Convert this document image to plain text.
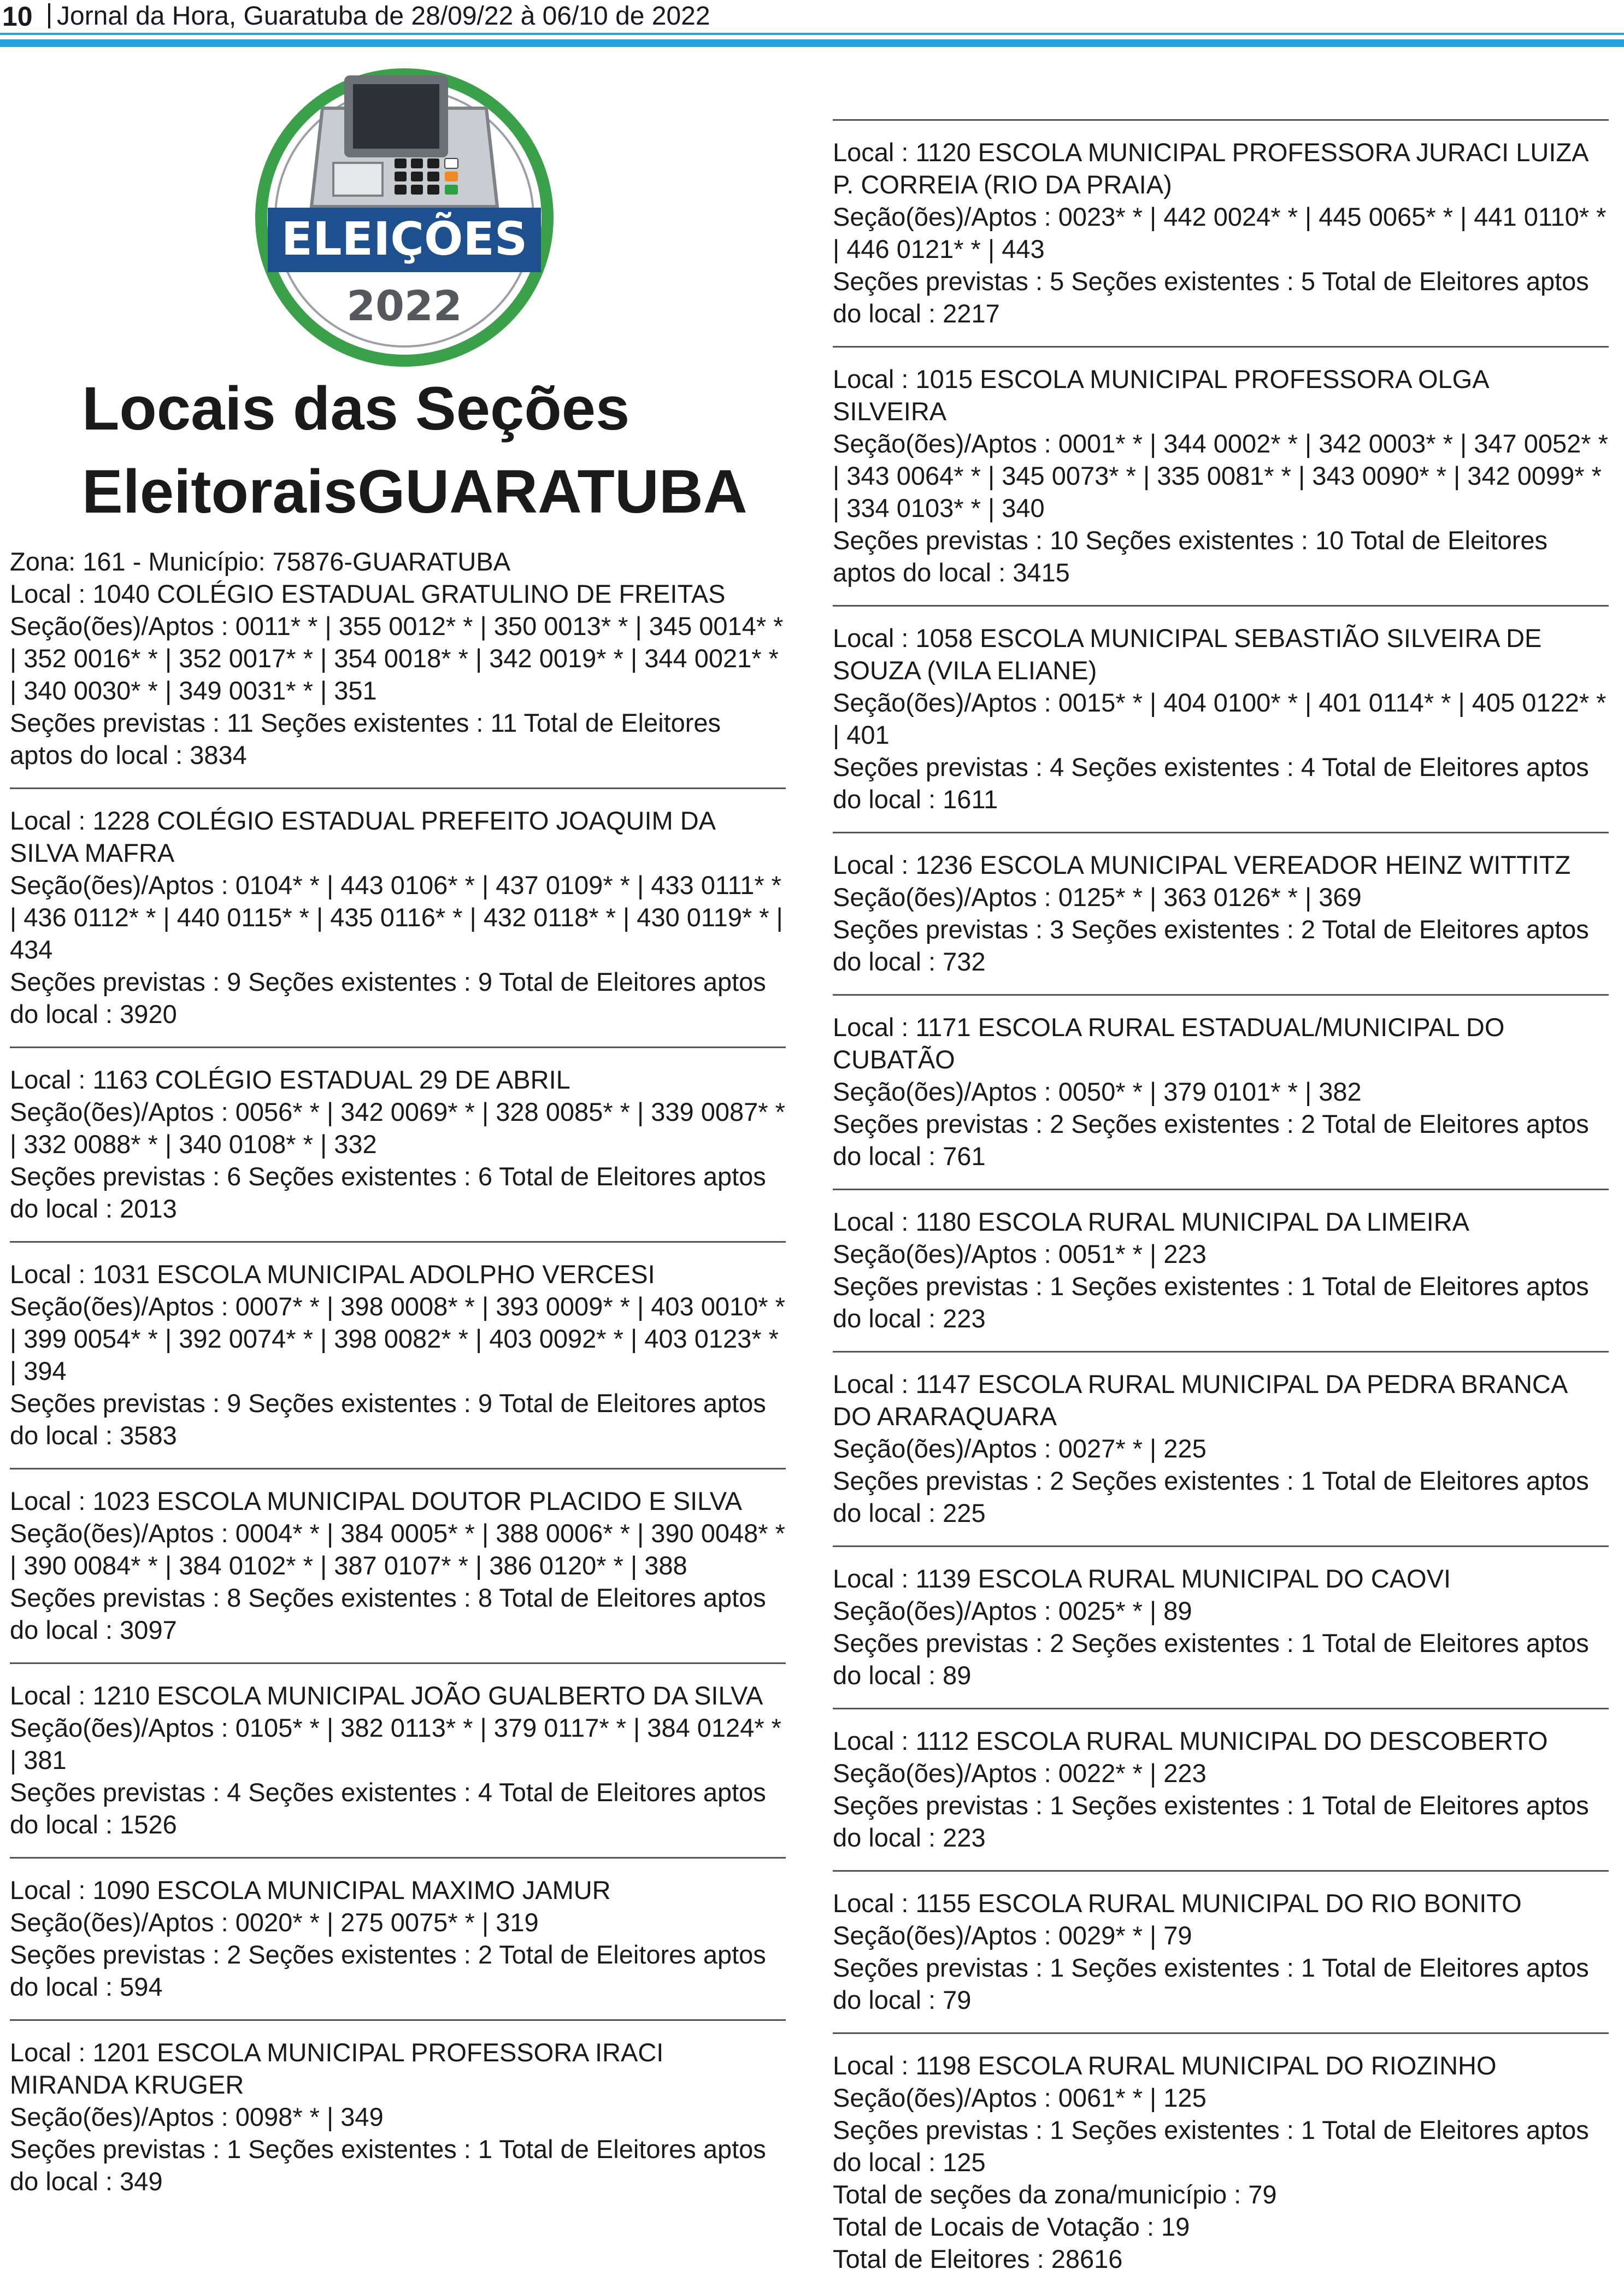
10 Jornal da Hora, Guaratuba de 28/09/22 à 06/10 de 2022
ELEIÇÕES
2022
Locais das Seções
EleitoraisGUARATUBA
Zona: 161 - Município: 75876-GUARATUBA

Local : 1040 COLÉGIO ESTADUAL GRATULINO DE FREITAS

Seção(ões)/Aptos : 0011* * | 355 0012* * | 350 0013* * | 345 0014* * | 352 0016* * | 352 0017* * | 354 0018* * | 342 0019* * | 344 0021* * | 340 0030* * | 349 0031* * | 351

Seções previstas : 11 Seções existentes : 11 Total de Eleitores aptos do local : 3834

Local : 1228 COLÉGIO ESTADUAL PREFEITO JOAQUIM DA SILVA MAFRA

Seção(ões)/Aptos : 0104* * | 443 0106* * | 437 0109* * | 433 0111* * | 436 0112* * | 440 0115* * | 435 0116* * | 432 0118* * | 430 0119* * | 434

Seções previstas : 9 Seções existentes : 9 Total de Eleitores aptos do local : 3920

Local : 1163 COLÉGIO ESTADUAL 29 DE ABRIL

Seção(ões)/Aptos : 0056* * | 342 0069* * | 328 0085* * | 339 0087* * | 332 0088* * | 340 0108* * | 332

Seções previstas : 6 Seções existentes : 6 Total de Eleitores aptos do local : 2013

Local : 1031 ESCOLA MUNICIPAL ADOLPHO VERCESI

Seção(ões)/Aptos : 0007* * | 398 0008* * | 393 0009* * | 403 0010* * | 399 0054* * | 392 0074* * | 398 0082* * | 403 0092* * | 403 0123* * | 394

Seções previstas : 9 Seções existentes : 9 Total de Eleitores aptos do local : 3583

Local : 1023 ESCOLA MUNICIPAL DOUTOR PLACIDO E SILVA

Seção(ões)/Aptos : 0004* * | 384 0005* * | 388 0006* * | 390 0048* * | 390 0084* * | 384 0102* * | 387 0107* * | 386 0120* * | 388

Seções previstas : 8 Seções existentes : 8 Total de Eleitores aptos do local : 3097

Local : 1210 ESCOLA MUNICIPAL JOÃO GUALBERTO DA SILVA

Seção(ões)/Aptos : 0105* * | 382 0113* * | 379 0117* * | 384 0124* * | 381

Seções previstas : 4 Seções existentes : 4 Total de Eleitores aptos do local : 1526

Local : 1090 ESCOLA MUNICIPAL MAXIMO JAMUR

Seção(ões)/Aptos : 0020* * | 275 0075* * | 319

Seções previstas : 2 Seções existentes : 2 Total de Eleitores aptos do local : 594

Local : 1201 ESCOLA MUNICIPAL PROFESSORA IRACI MIRANDA KRUGER

Seção(ões)/Aptos : 0098* * | 349

Seções previstas : 1 Seções existentes : 1 Total de Eleitores aptos do local : 349

Local : 1120 ESCOLA MUNICIPAL PROFESSORA JURACI LUIZA P. CORREIA (RIO DA PRAIA)

Seção(ões)/Aptos : 0023* * | 442 0024* * | 445 0065* * | 441 0110* * | 446 0121* * | 443

Seções previstas : 5 Seções existentes : 5 Total de Eleitores aptos do local : 2217

Local : 1015 ESCOLA MUNICIPAL PROFESSORA OLGA SILVEIRA

Seção(ões)/Aptos : 0001* * | 344 0002* * | 342 0003* * | 347 0052* * | 343 0064* * | 345 0073* * | 335 0081* * | 343 0090* * | 342 0099* * | 334 0103* * | 340

Seções previstas : 10 Seções existentes : 10 Total de Eleitores aptos do local : 3415

Local : 1058 ESCOLA MUNICIPAL SEBASTIÃO SILVEIRA DE SOUZA (VILA ELIANE)

Seção(ões)/Aptos : 0015* * | 404 0100* * | 401 0114* * | 405 0122* * | 401

Seções previstas : 4 Seções existentes : 4 Total de Eleitores aptos do local : 1611

Local : 1236 ESCOLA MUNICIPAL VEREADOR HEINZ WITTITZ

Seção(ões)/Aptos : 0125* * | 363 0126* * | 369

Seções previstas : 3 Seções existentes : 2 Total de Eleitores aptos do local : 732

Local : 1171 ESCOLA RURAL ESTADUAL/MUNICIPAL DO CUBATÃO

Seção(ões)/Aptos : 0050* * | 379 0101* * | 382

Seções previstas : 2 Seções existentes : 2 Total de Eleitores aptos do local : 761

Local : 1180 ESCOLA RURAL MUNICIPAL DA LIMEIRA

Seção(ões)/Aptos : 0051* * | 223

Seções previstas : 1 Seções existentes : 1 Total de Eleitores aptos do local : 223

Local : 1147 ESCOLA RURAL MUNICIPAL DA PEDRA BRANCA DO ARARAQUARA

Seção(ões)/Aptos : 0027* * | 225

Seções previstas : 2 Seções existentes : 1 Total de Eleitores aptos do local : 225

Local : 1139 ESCOLA RURAL MUNICIPAL DO CAOVI

Seção(ões)/Aptos : 0025* * | 89

Seções previstas : 2 Seções existentes : 1 Total de Eleitores aptos do local : 89

Local : 1112 ESCOLA RURAL MUNICIPAL DO DESCOBERTO

Seção(ões)/Aptos : 0022* * | 223

Seções previstas : 1 Seções existentes : 1 Total de Eleitores aptos do local : 223

Local : 1155 ESCOLA RURAL MUNICIPAL DO RIO BONITO

Seção(ões)/Aptos : 0029* * | 79

Seções previstas : 1 Seções existentes : 1 Total de Eleitores aptos do local : 79

Local : 1198 ESCOLA RURAL MUNICIPAL DO RIOZINHO

Seção(ões)/Aptos : 0061* * | 125

Seções previstas : 1 Seções existentes : 1 Total de Eleitores aptos do local : 125

Total de seções da zona/município : 79

Total de Locais de Votação : 19

Total de Eleitores : 28616
